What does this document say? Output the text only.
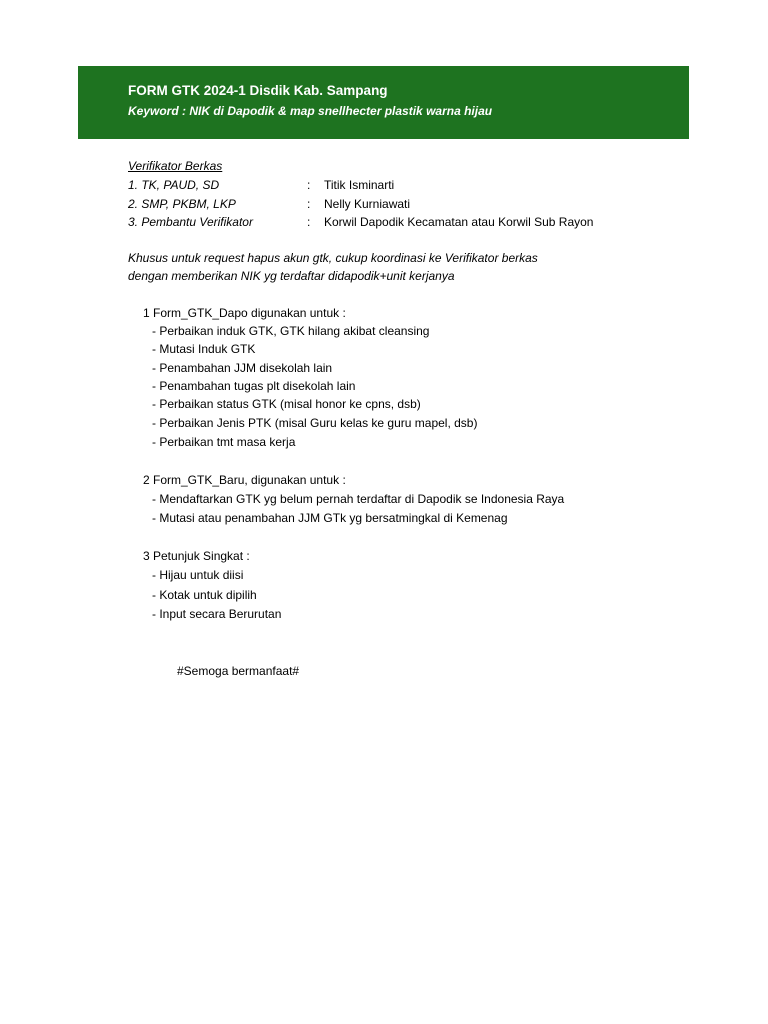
FORM GTK 2024-1 Disdik Kab. Sampang
Keyword : NIK di Dapodik & map snellhecter plastik warna hijau
Verifikator Berkas
1. TK, PAUD, SD	: Titik Isminarti
2. SMP, PKBM, LKP	: Nelly Kurniawati
3. Pembantu Verifikator	: Korwil Dapodik Kecamatan atau Korwil Sub Rayon
Khusus untuk request hapus akun gtk, cukup koordinasi ke Verifikator berkas
dengan memberikan NIK yg terdaftar didapodik+unit kerjanya
1 Form_GTK_Dapo digunakan untuk :
- Perbaikan induk GTK, GTK hilang akibat cleansing
- Mutasi Induk GTK
- Penambahan JJM disekolah lain
- Penambahan tugas plt disekolah lain
- Perbaikan status GTK (misal honor ke cpns, dsb)
- Perbaikan Jenis PTK (misal Guru kelas ke guru mapel, dsb)
- Perbaikan tmt masa kerja
2 Form_GTK_Baru, digunakan untuk :
- Mendaftarkan GTK yg belum pernah terdaftar di Dapodik se Indonesia Raya
- Mutasi atau penambahan JJM GTk yg bersatmingkal di Kemenag
3 Petunjuk Singkat :
- Hijau untuk diisi
- Kotak untuk dipilih
- Input secara Berurutan
#Semoga bermanfaat#
